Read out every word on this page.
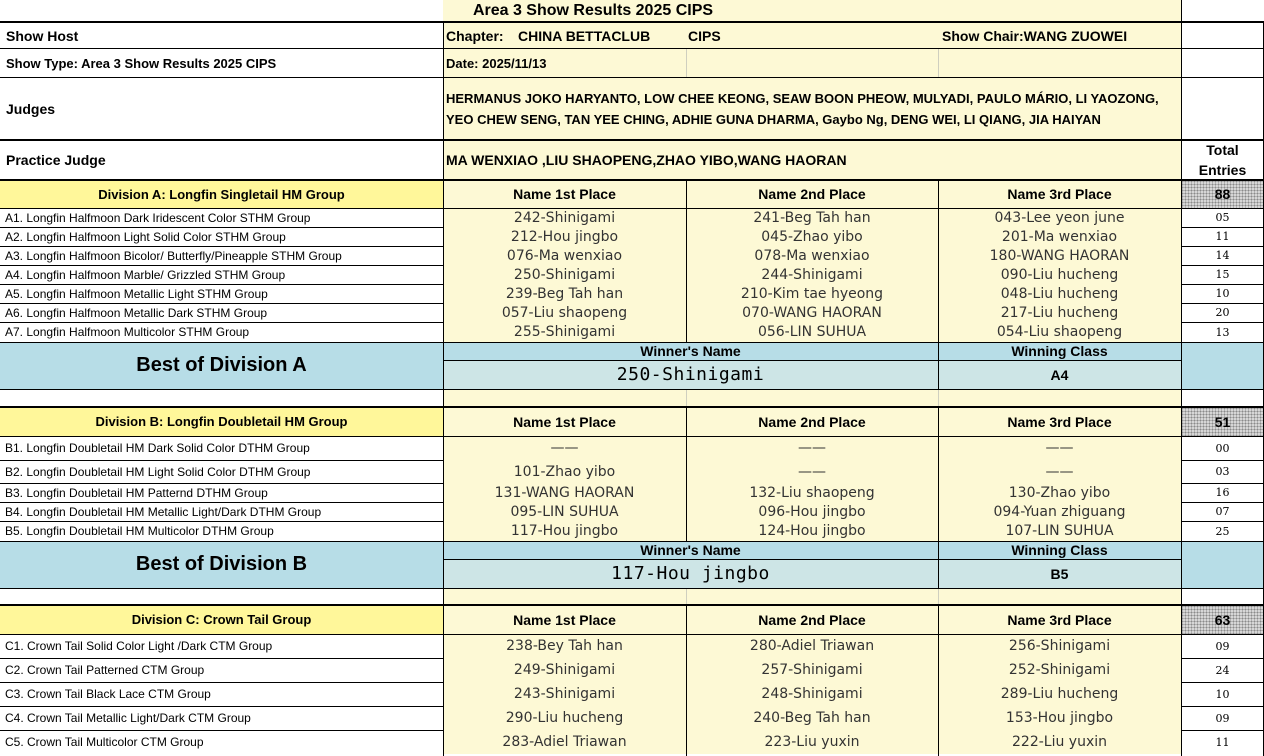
Area 3 Show Results 2025 CIPS
Show Host	Chapter:	CHINA BETTACLUB	CIPS	Show Chair:WANG ZUOWEI
Show Type: Area 3 Show Results 2025 CIPS	Date: 2025/11/13
Judges
HERMANUS JOKO HARYANTO, LOW CHEE KEONG, SEAW BOON PHEOW, MULYADI, PAULO MÁRIO, LI YAOZONG,
YEO CHEW SENG, TAN YEE CHING, ADHIE GUNA DHARMA, Gaybo Ng, DENG WEI, LI QIANG, JIA HAIYAN
Practice Judge	MA WENXIAO ,LIU SHAOPENG,ZHAO YIBO,WANG HAORAN
Total
Entries
Division A: Longfin Singletail HM Group	Name 1st Place	Name 2nd Place	Name 3rd Place	88
A1. Longfin Halfmoon Dark Iridescent Color STHM Group	242-Shinigami	241-Beg Tah han	043-Lee yeon june	05
A2. Longfin Halfmoon Light Solid Color STHM Group	212-Hou jingbo	045-Zhao yibo	201-Ma wenxiao	11
A3. Longfin Halfmoon Bicolor/ Butterfly/Pineapple STHM Group	076-Ma wenxiao	078-Ma wenxiao	180-WANG HAORAN	14
A4. Longfin Halfmoon Marble/ Grizzled STHM Group	250-Shinigami	244-Shinigami	090-Liu hucheng	15
A5. Longfin Halfmoon Metallic Light STHM Group	239-Beg Tah han	210-Kim tae hyeong	048-Liu hucheng	10
A6. Longfin Halfmoon Metallic Dark STHM Group	057-Liu shaopeng	070-WANG HAORAN	217-Liu hucheng	20
A7. Longfin Halfmoon Multicolor STHM Group	255-Shinigami	056-LIN SUHUA	054-Liu shaopeng	13
Best of Division A
Winner's Name	Winning Class
250-Shinigami	A4
Division B: Longfin Doubletail HM Group	Name 1st Place	Name 2nd Place	Name 3rd Place	51
B1. Longfin Doubletail HM Dark Solid Color DTHM Group	——	——	——	00
B2. Longfin Doubletail HM Light Solid Color DTHM Group	101-Zhao yibo	——	——	03
B3. Longfin Doubletail HM Patternd DTHM Group	131-WANG HAORAN	132-Liu shaopeng	130-Zhao yibo	16
B4. Longfin Doubletail HM Metallic Light/Dark DTHM Group	095-LIN SUHUA	096-Hou jingbo	094-Yuan zhiguang	07
B5. Longfin Doubletail HM Multicolor DTHM Group	117-Hou jingbo	124-Hou jingbo	107-LIN SUHUA	25
Best of Division B
Winner's Name	Winning Class
117-Hou jingbo	B5
Division C: Crown Tail Group	Name 1st Place	Name 2nd Place	Name 3rd Place	63
C1. Crown Tail Solid Color Light /Dark CTM Group	238-Bey Tah han	280-Adiel Triawan	256-Shinigami	09
C2. Crown Tail Patterned CTM Group	249-Shinigami	257-Shinigami	252-Shinigami	24
C3. Crown Tail Black Lace CTM Group	243-Shinigami	248-Shinigami	289-Liu hucheng	10
C4. Crown Tail Metallic Light/Dark CTM Group	290-Liu hucheng	240-Beg Tah han	153-Hou jingbo	09
C5. Crown Tail Multicolor CTM Group	283-Adiel Triawan	223-Liu yuxin	222-Liu yuxin	11
